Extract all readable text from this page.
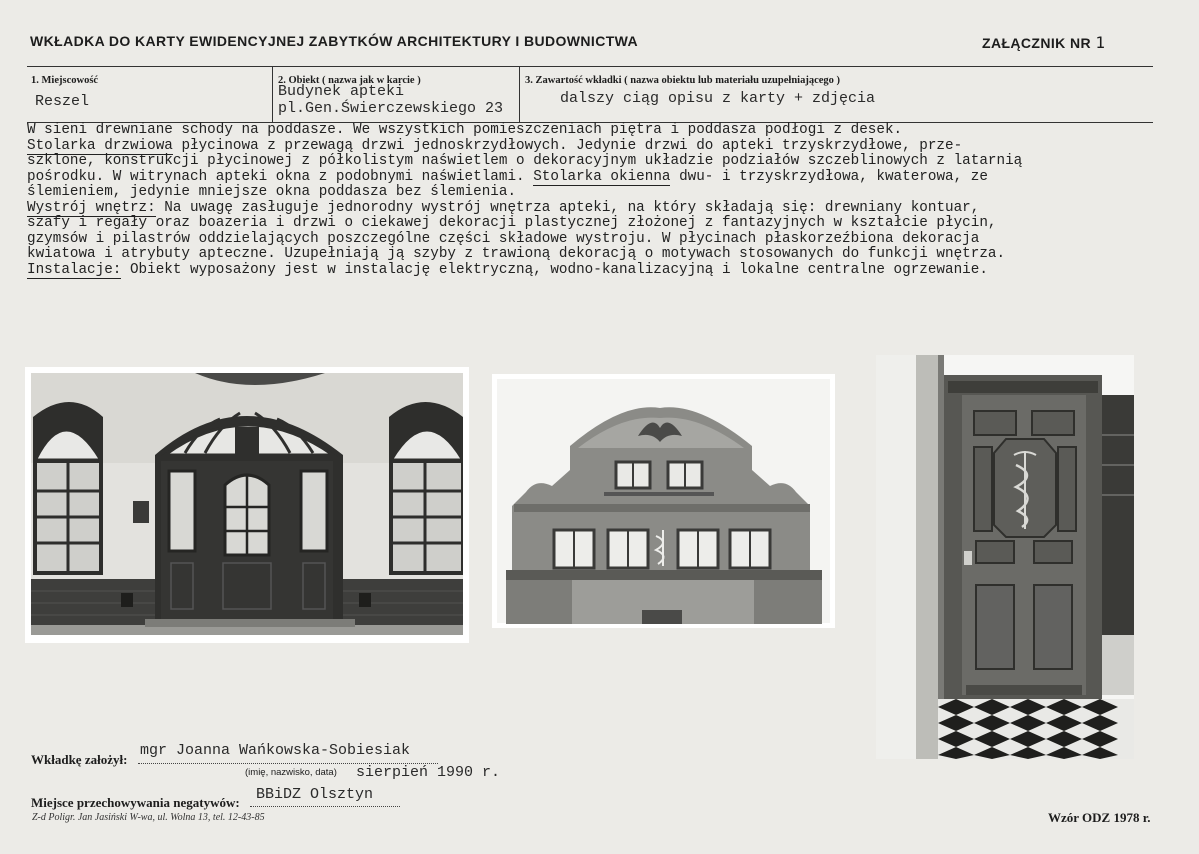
WKŁADKA DO KARTY EWIDENCYJNEJ ZABYTKÓW ARCHITEKTURY I BUDOWNICTWA	ZAŁĄCZNIK NR 1
1. Miejscowość
Reszel
2. Obiekt ( nazwa jak w karcie )
Budynek apteki
pl.Gen.Świerczewskiego 23
3. Zawartość wkładki ( nazwa obiektu lub materiału uzupełniającego )
dalszy ciąg opisu z karty + zdjęcia
W sieni drewniane schody na poddasze. We wszystkich pomieszczeniach piętra i poddasza podłogi z desek.
Stolarka drzwiowa płycinowa z przewagą drzwi jednoskrzydłowych. Jedynie drzwi do apteki trzyskrzydłowe, prze-
szklone, konstrukcji płycinowej z półkolistym naświetlem o dekoracyjnym układzie podziałów szczeblinowych z latarnią
pośrodku. W witrynach apteki okna z podobnymi naświetlami. Stolarka okienna dwu- i trzyskrzydłowa, kwaterowa, ze
ślemieniem, jedynie mniejsze okna poddasza bez ślemienia.
Wystrój wnętrz: Na uwagę zasługuje jednorodny wystrój wnętrza apteki, na który składają się: drewniany kontuar,
szafy i regały oraz boazeria i drzwi o ciekawej dekoracji plastycznej złożonej z fantazyjnych w kształcie płycin,
gzymsów i pilastrów oddzielających poszczególne części składowe wystroju. W płycinach płaskorzeźbiona dekoracja
kwiatowa i atrybuty apteczne. Uzupełniają ją szyby z trawioną dekoracją o motywach stosowanych do funkcji wnętrza.
Instalacje: Obiekt wyposażony jest w instalację elektryczną, wodno-kanalizacyjną i lokalne centralne ogrzewanie.
Wkładkę założył:
mgr Joanna Wańkowska-Sobiesiak
(imię, nazwisko, data) sierpień 1990 r.
Miejsce przechowywania negatywów: BBiDZ Olsztyn
Z-d Poligr. Jan Jasiński W-wa, ul. Wolna 13, tel. 12-43-85	Wzór ODZ 1978 r.
